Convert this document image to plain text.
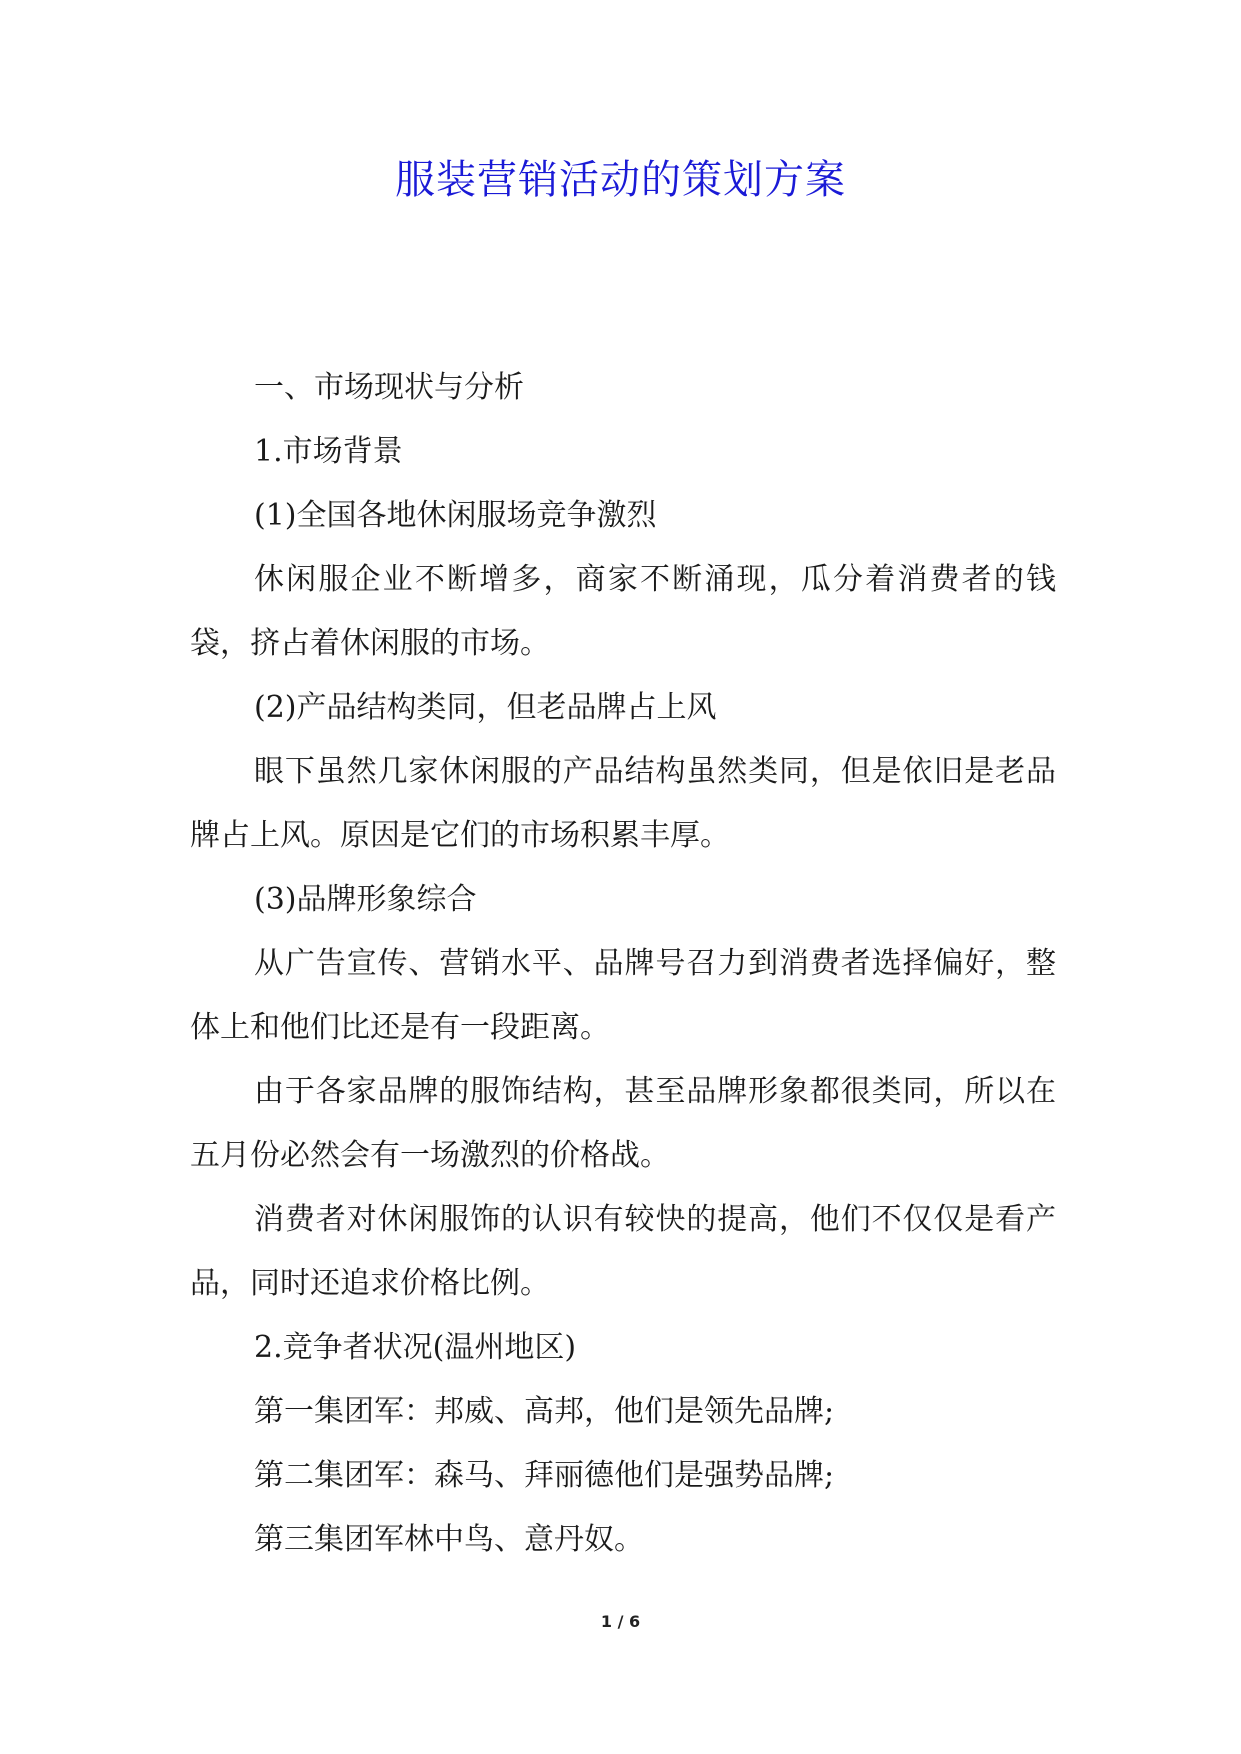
服装营销活动的策划方案

一、市场现状与分析

1.市场背景

(1)全国各地休闲服场竞争激烈

休闲服企业不断增多，商家不断涌现，瓜分着消费者的钱袋，挤占着休闲服的市场。

(2)产品结构类同，但老品牌占上风

眼下虽然几家休闲服的产品结构虽然类同，但是依旧是老品牌占上风。原因是它们的市场积累丰厚。

(3)品牌形象综合

从广告宣传、营销水平、品牌号召力到消费者选择偏好，整体上和他们比还是有一段距离。

由于各家品牌的服饰结构，甚至品牌形象都很类同，所以在五月份必然会有一场激烈的价格战。

消费者对休闲服饰的认识有较快的提高，他们不仅仅是看产品，同时还追求价格比例。

2.竞争者状况(温州地区)

第一集团军：邦威、高邦，他们是领先品牌;

第二集团军：森马、拜丽德他们是强势品牌;

第三集团军林中鸟、意丹奴。

1 / 6
